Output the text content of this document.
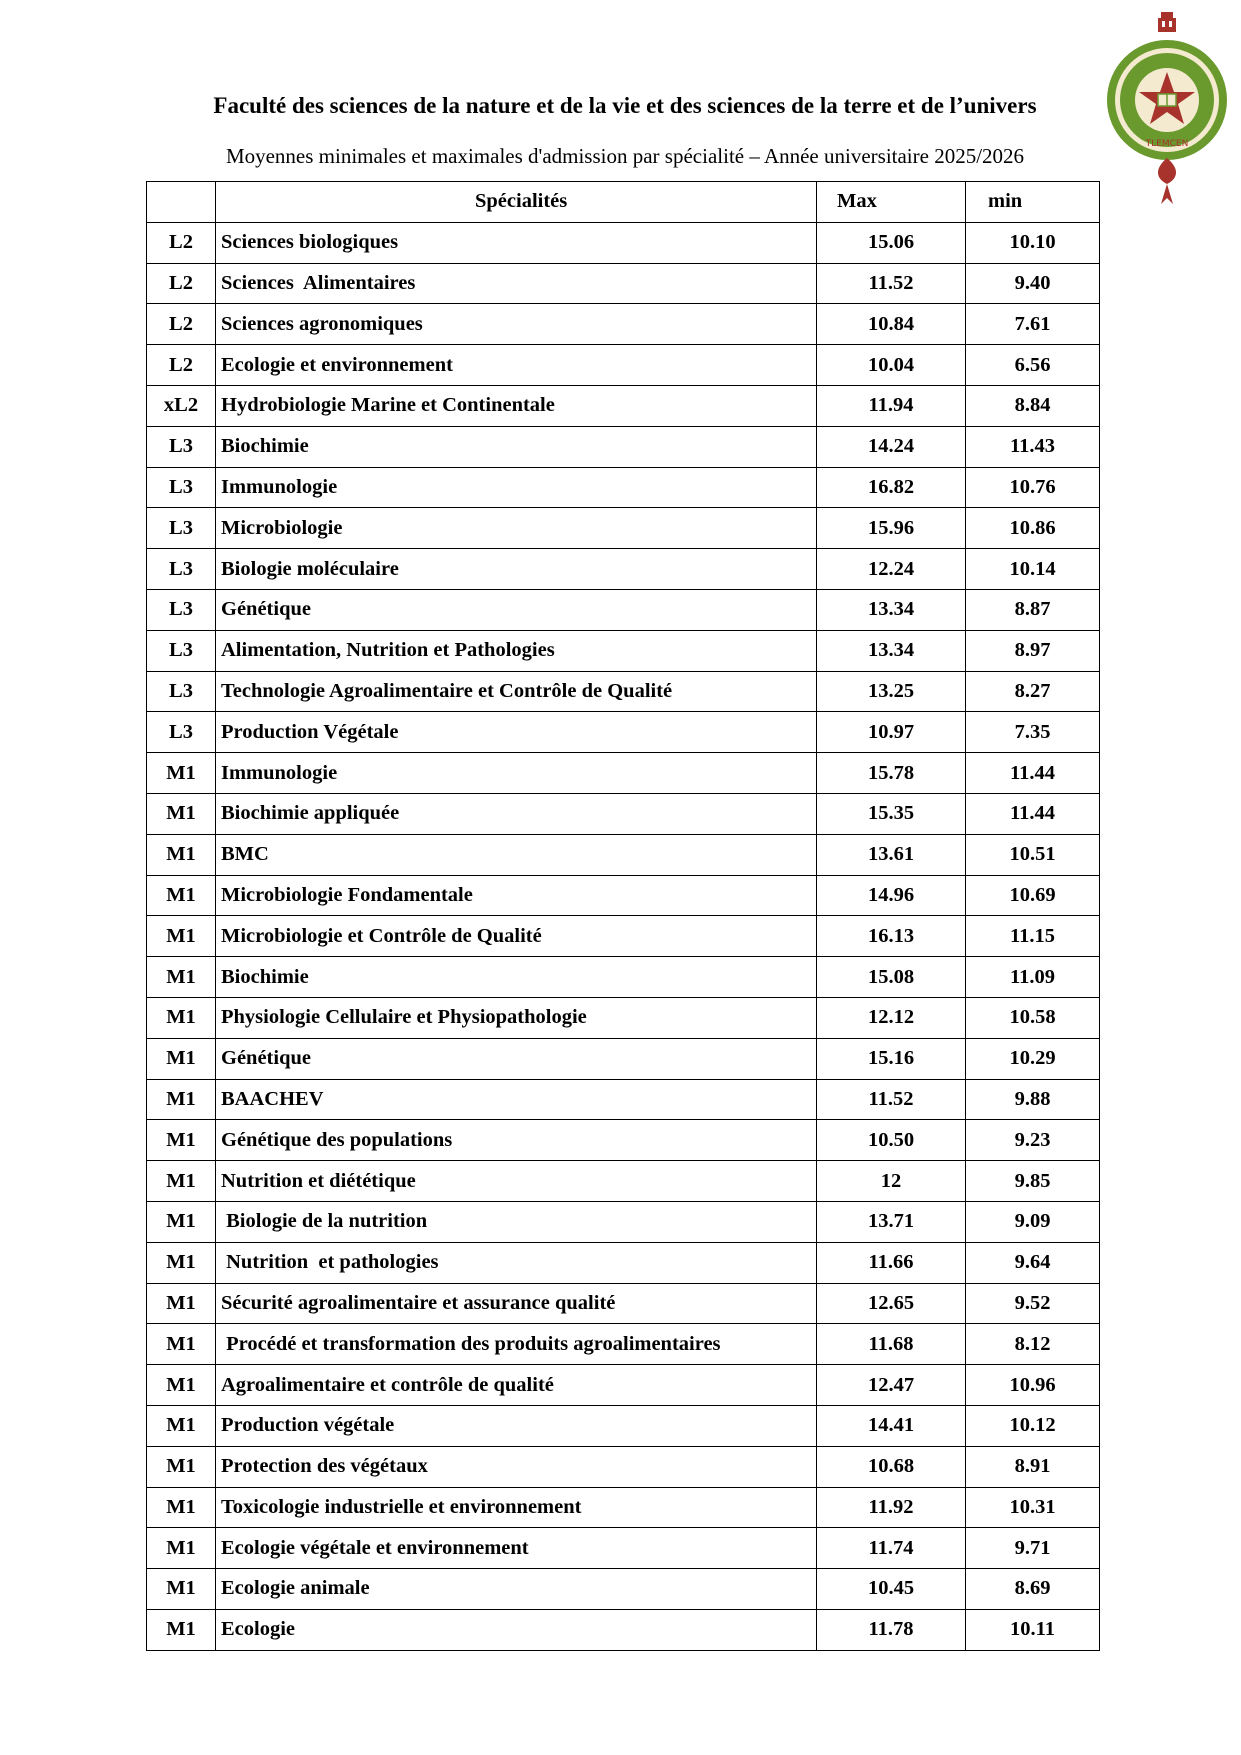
TLEMCEN
Faculté des sciences de la nature et de la vie et des sciences de la terre et de l’univers
Moyennes minimales et maximales d'admission par spécialité – Année universitaire 2025/2026
	Spécialités	Max	min
L2	Sciences biologiques	15.06	10.10
L2	Sciences  Alimentaires	11.52	9.40
L2	Sciences agronomiques	10.84	7.61
L2	Ecologie et environnement	10.04	6.56
xL2	Hydrobiologie Marine et Continentale	11.94	8.84
L3	Biochimie	14.24	11.43
L3	Immunologie	16.82	10.76
L3	Microbiologie	15.96	10.86
L3	Biologie moléculaire	12.24	10.14
L3	Génétique	13.34	8.87
L3	Alimentation, Nutrition et Pathologies	13.34	8.97
L3	Technologie Agroalimentaire et Contrôle de Qualité	13.25	8.27
L3	Production Végétale	10.97	7.35
M1	Immunologie	15.78	11.44
M1	Biochimie appliquée	15.35	11.44
M1	BMC	13.61	10.51
M1	Microbiologie Fondamentale	14.96	10.69
M1	Microbiologie et Contrôle de Qualité	16.13	11.15
M1	Biochimie	15.08	11.09
M1	Physiologie Cellulaire et Physiopathologie	12.12	10.58
M1	Génétique	15.16	10.29
M1	BAACHEV	11.52	9.88
M1	Génétique des populations	10.50	9.23
M1	Nutrition et diététique	12	9.85
M1	Biologie de la nutrition	13.71	9.09
M1	Nutrition  et pathologies	11.66	9.64
M1	Sécurité agroalimentaire et assurance qualité	12.65	9.52
M1	Procédé et transformation des produits agroalimentaires	11.68	8.12
M1	Agroalimentaire et contrôle de qualité	12.47	10.96
M1	Production végétale	14.41	10.12
M1	Protection des végétaux	10.68	8.91
M1	Toxicologie industrielle et environnement	11.92	10.31
M1	Ecologie végétale et environnement	11.74	9.71
M1	Ecologie animale	10.45	8.69
M1	Ecologie	11.78	10.11
